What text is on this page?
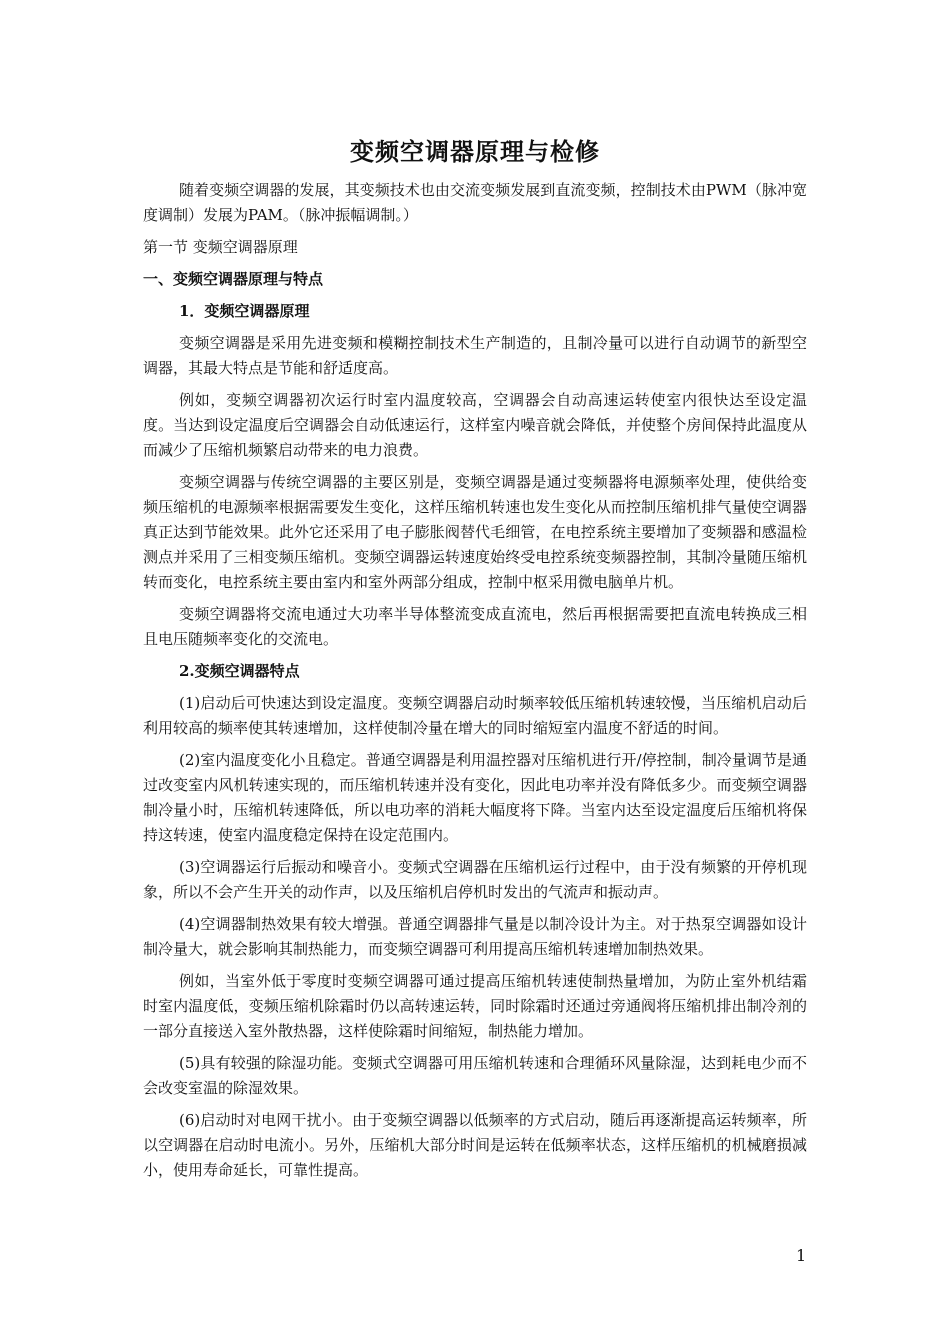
变频空调器原理与检修

随着变频空调器的发展，其变频技术也由交流变频发展到直流变频，控制技术由PWM（脉冲宽度调制）发展为PAM。（脉冲振幅调制。）

第一节 变频空调器原理

一、变频空调器原理与特点

1．变频空调器原理

变频空调器是采用先进变频和模糊控制技术生产制造的，且制冷量可以进行自动调节的新型空调器，其最大特点是节能和舒适度高。

例如，变频空调器初次运行时室内温度较高，空调器会自动高速运转使室内很快达至设定温度。当达到设定温度后空调器会自动低速运行，这样室内噪音就会降低，并使整个房间保持此温度从而减少了压缩机频繁启动带来的电力浪费。

变频空调器与传统空调器的主要区别是，变频空调器是通过变频器将电源频率处理，使供给变频压缩机的电源频率根据需要发生变化，这样压缩机转速也发生变化从而控制压缩机排气量使空调器真正达到节能效果。此外它还采用了电子膨胀阀替代毛细管，在电控系统主要增加了变频器和感温检测点并采用了三相变频压缩机。变频空调器运转速度始终受电控系统变频器控制，其制冷量随压缩机转而变化，电控系统主要由室内和室外两部分组成，控制中枢采用微电脑单片机。

变频空调器将交流电通过大功率半导体整流变成直流电，然后再根据需要把直流电转换成三相且电压随频率变化的交流电。

2.变频空调器特点

(1)启动后可快速达到设定温度。变频空调器启动时频率较低压缩机转速较慢，当压缩机启动后利用较高的频率使其转速增加，这样使制冷量在增大的同时缩短室内温度不舒适的时间。

(2)室内温度变化小且稳定。普通空调器是利用温控器对压缩机进行开/停控制，制冷量调节是通过改变室内风机转速实现的，而压缩机转速并没有变化，因此电功率并没有降低多少。而变频空调器制冷量小时，压缩机转速降低，所以电功率的消耗大幅度将下降。当室内达至设定温度后压缩机将保持这转速，使室内温度稳定保持在设定范围内。

(3)空调器运行后振动和噪音小。变频式空调器在压缩机运行过程中，由于没有频繁的开停机现象，所以不会产生开关的动作声，以及压缩机启停机时发出的气流声和振动声。

(4)空调器制热效果有较大增强。普通空调器排气量是以制冷设计为主。对于热泵空调器如设计制冷量大，就会影响其制热能力，而变频空调器可利用提高压缩机转速增加制热效果。

例如，当室外低于零度时变频空调器可通过提高压缩机转速使制热量增加，为防止室外机结霜时室内温度低，变频压缩机除霜时仍以高转速运转，同时除霜时还通过旁通阀将压缩机排出制冷剂的一部分直接送入室外散热器，这样使除霜时间缩短，制热能力增加。

(5)具有较强的除湿功能。变频式空调器可用压缩机转速和合理循环风量除湿，达到耗电少而不会改变室温的除湿效果。

(6)启动时对电网干扰小。由于变频空调器以低频率的方式启动，随后再逐渐提高运转频率，所以空调器在启动时电流小。另外，压缩机大部分时间是运转在低频率状态，这样压缩机的机械磨损减小，使用寿命延长，可靠性提高。

1
